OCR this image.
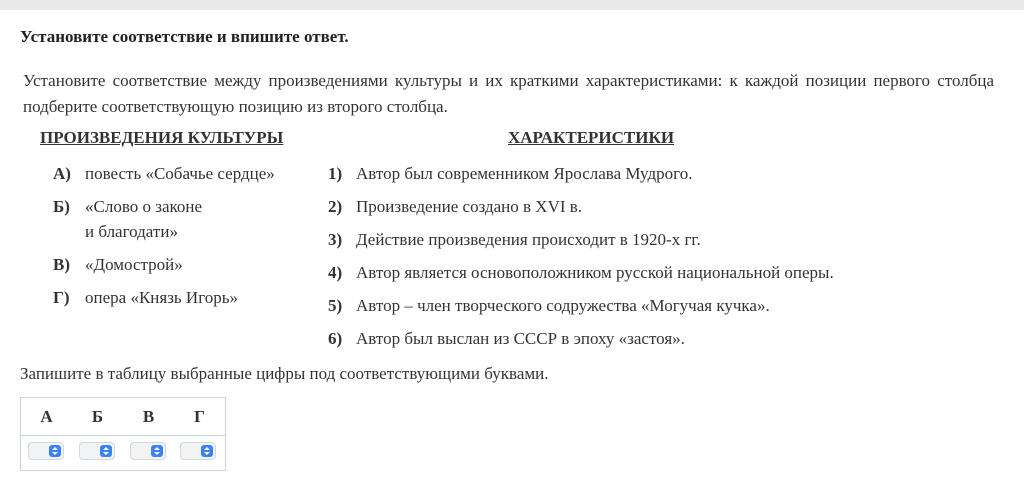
Установите соответствие и впишите ответ.
Установите соответствие между произведениями культуры и их краткими характеристиками: к каждой позиции первого столбца подберите соответствующую позицию из второго столбца.
ПРОИЗВЕДЕНИЯ КУЛЬТУРЫ	ХАРАКТЕРИСТИКИ
А) повесть «Собачье сердце»
Б) «Слово о законе
и благодати»
В) «Домострой»
Г) опера «Князь Игорь»
1) Автор был современником Ярослава Мудрого.
2) Произведение создано в XVI в.
3) Действие произведения происходит в 1920-х гг.
4) Автор является основоположником русской национальной оперы.
5) Автор – член творческого содружества «Могучая кучка».
6) Автор был выслан из СССР в эпоху «застоя».
Запишите в таблицу выбранные цифры под соответствующими буквами.
А	Б	В	Г
